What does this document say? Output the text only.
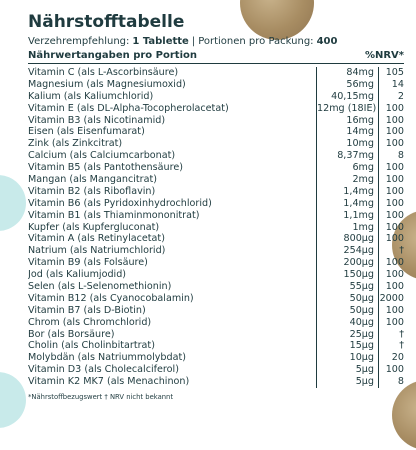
Nährstofftabelle
Verzehrempfehlung: 1 Tablette | Portionen pro Packung: 400
Nährwertangaben pro Portion	%NRV*
Vitamin C (als L-Ascorbinsäure)	84mg	105
Magnesium (als Magnesiumoxid)	56mg	14
Kalium (als Kaliumchlorid)	40,15mg	2
Vitamin E (als DL-Alpha-Tocopherolacetat)	12mg (18IE) 100
Vitamin B3 (als Nicotinamid)	16mg	100
Eisen (als Eisenfumarat)	14mg	100
Zink (als Zinkcitrat)	10mg	100
Calcium (als Calciumcarbonat)	8,37mg	8
Vitamin B5 (als Pantothensäure)	6mg	100
Mangan (als Mangancitrat)	2mg	100
Vitamin B2 (als Riboflavin)	1,4mg	100
Vitamin B6 (als Pyridoxinhydrochlorid)	1,4mg	100
Vitamin B1 (als Thiaminmononitrat)	1,1mg	100
Kupfer (als Kupfergluconat)	1mg	100
Vitamin A (als Retinylacetat)	800µg	100
Natrium (als Natriumchlorid)	254µg	†
Vitamin B9 (als Folsäure)	200µg	100
Jod (als Kaliumjodid)	150µg	100
Selen (als L-Selenomethionin)	55µg	100
Vitamin B12 (als Cyanocobalamin)	50µg 2000
Vitamin B7 (als D-Biotin)	50µg	100
Chrom (als Chromchlorid)	40µg	100
Bor (als Borsäure)	25µg	†
Cholin (als Cholinbitartrat)	15µg	†
Molybdän (als Natriummolybdat)	10µg	20
Vitamin D3 (als Cholecalciferol)	5µg	100
Vitamin K2 MK7 (als Menachinon)	5µg	8
*Nährstoffbezugswert † NRV nicht bekannt
